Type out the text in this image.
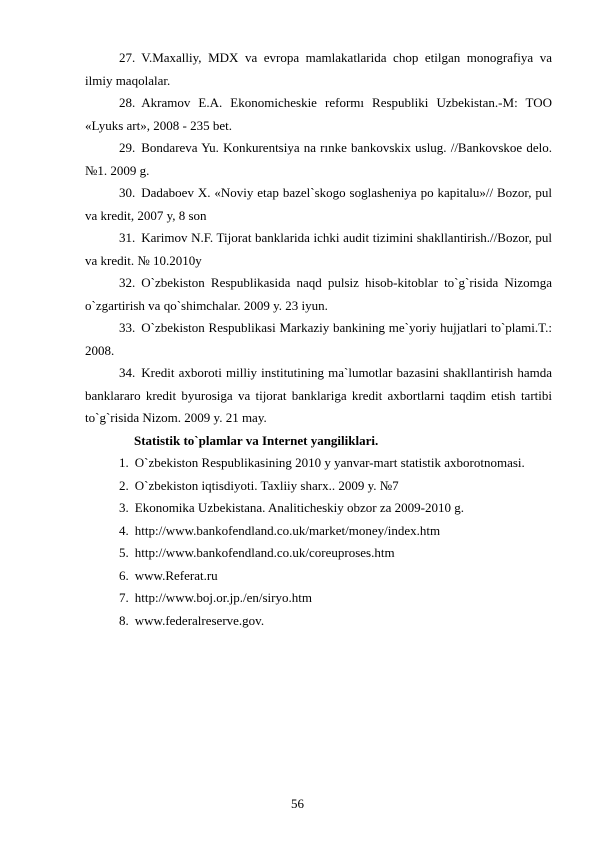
27. V.Maxalliy, MDX va evropa mamlakatlarida chop etilgan monografiya va ilmiy maqolalar.

28. Akramov E.A. Ekonomicheskie reformı Respubliki Uzbekistan.-M: TOO «Lyuks art», 2008 - 235 bet.

29. Bondareva Yu. Konkurentsiya na rınke bankovskix uslug. //Bankovskoe delo. №1. 2009 g.

30. Dadaboev X. «Noviy etap bazel`skogo soglasheniya po kapitalu»// Bozor, pul va kredit, 2007 y, 8 son

31. Karimov N.F. Tijorat banklarida ichki audit tizimini shakllantirish.//Bozor, pul va kredit. № 10.2010y

32. O`zbekiston Respublikasida naqd pulsiz hisob-kitoblar to`g`risida Nizomga o`zgartirish va qo`shimchalar. 2009 y. 23 iyun.

33. O`zbekiston Respublikasi Markaziy bankining me`yoriy hujjatlari to`plami.T.: 2008.

34. Kredit axboroti milliy institutining ma`lumotlar bazasini shakllantirish hamda banklararo kredit byurosiga va tijorat banklariga kredit axbortlarni taqdim etish tartibi to`g`risida Nizom. 2009 y. 21 may.

Statistik to`plamlar va Internet yangiliklari.

1. O`zbekiston Respublikasining 2010 y yanvar-mart statistik axborotnomasi.

2. O`zbekiston iqtisdiyoti. Taxliiy sharx.. 2009 y. №7

3. Ekonomika Uzbekistana. Analiticheskiy obzor za 2009-2010 g.

4. http://www.bankofendland.co.uk/market/money/index.htm

5. http://www.bankofendland.co.uk/coreuproses.htm

6. www.Referat.ru

7. http://www.boj.or.jp./en/siryo.htm

8. www.federalreserve.gov.

56
